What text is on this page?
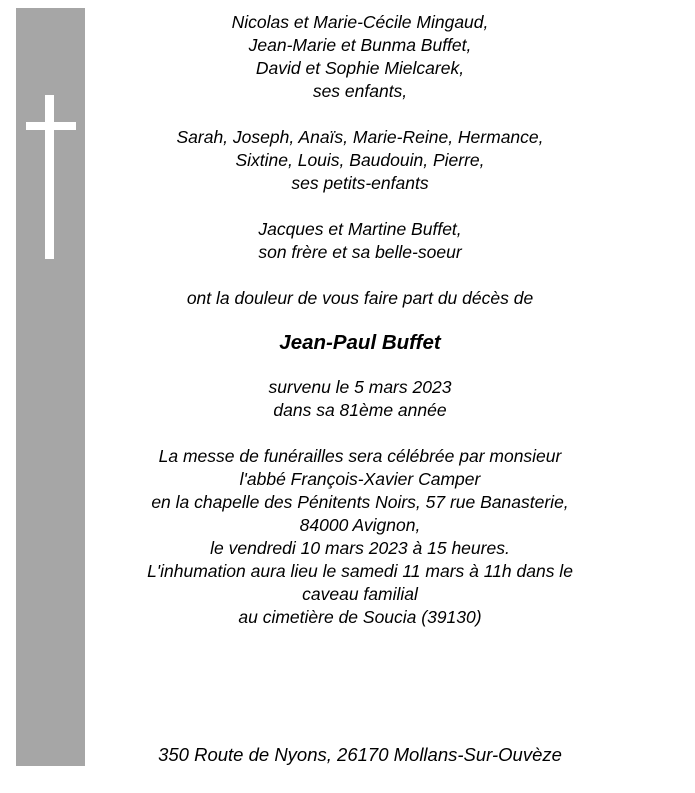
Nicolas et Marie-Cécile Mingaud,
Jean-Marie et Bunma Buffet,
David et Sophie Mielcarek,
ses enfants,
Sarah, Joseph, Anaïs, Marie-Reine, Hermance,
Sixtine, Louis, Baudouin, Pierre,
ses petits-enfants
Jacques et Martine Buffet,
son frère et sa belle-soeur
ont la douleur de vous faire part du décès de
Jean-Paul Buffet
survenu le 5 mars 2023
dans sa 81ème année
La messe de funérailles sera célébrée par monsieur
l'abbé François-Xavier Camper
en la chapelle des Pénitents Noirs, 57 rue Banasterie,
84000 Avignon,
le vendredi 10 mars 2023 à 15 heures.
L'inhumation aura lieu le samedi 11 mars à 11h dans le
caveau familial
au cimetière de Soucia (39130)
350 Route de Nyons, 26170 Mollans-Sur-Ouvèze
